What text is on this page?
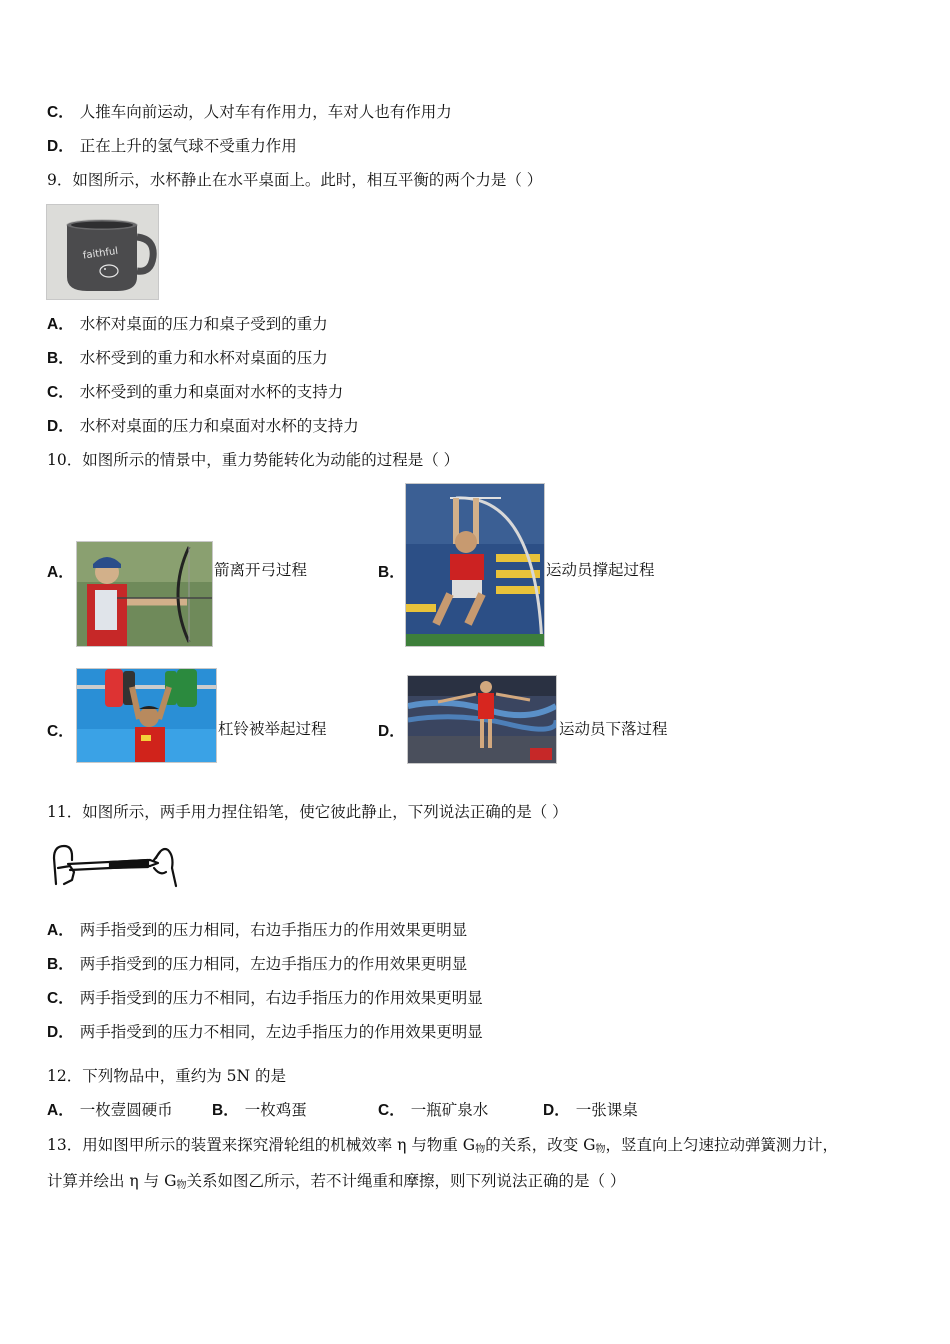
C． 人推车向前运动，人对车有作用力，车对人也有作用力
D． 正在上升的氢气球不受重力作用
9．如图所示，水杯静止在水平桌面上。此时，相互平衡的两个力是（ ）
faithful
A． 水杯对桌面的压力和桌子受到的重力
B． 水杯受到的重力和水杯对桌面的压力
C． 水杯受到的重力和桌面对水杯的支持力
D． 水杯对桌面的压力和桌面对水杯的支持力
10．如图所示的情景中，重力势能转化为动能的过程是（ ）
A．	箭离开弓过程	B．	运动员撑起过程
C．	杠铃被举起过程	D．	运动员下落过程
11．如图所示，两手用力捏住铅笔，使它彼此静止，下列说法正确的是（ ）
A． 两手指受到的压力相同，右边手指压力的作用效果更明显
B． 两手指受到的压力相同，左边手指压力的作用效果更明显
C． 两手指受到的压力不相同，右边手指压力的作用效果更明显
D． 两手指受到的压力不相同，左边手指压力的作用效果更明显
12．下列物品中，重约为 5N 的是
A． 一枚壹圆硬币	B． 一枚鸡蛋	C． 一瓶矿泉水	D． 一张课桌
13．用如图甲所示的装置来探究滑轮组的机械效率 η 与物重 $G_物$的关系，改变 $G_物$，竖直向上匀速拉动弹簧测力计，
计算并绘出 η 与 $G_物$关系如图乙所示，若不计绳重和摩擦，则下列说法正确的是（ ）
